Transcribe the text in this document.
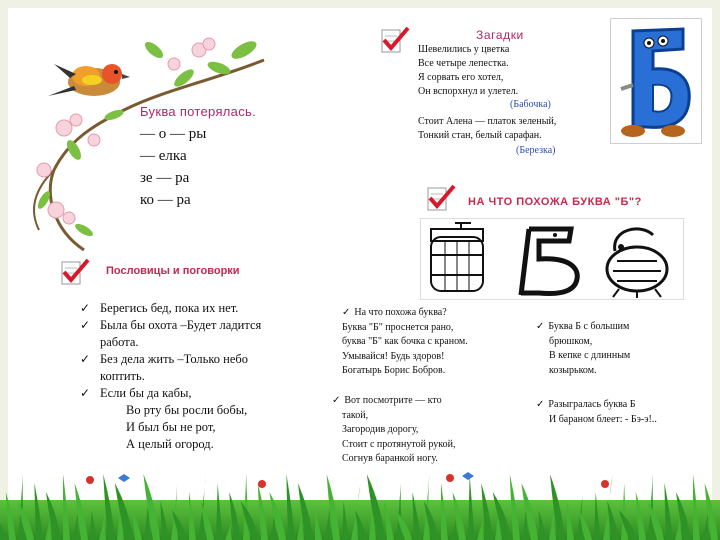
Буква потерялась.
— о — ры
— елка
зе — ра
ко — ра
Загадки
Шевелились у цветка
Все четыре лепестка.
Я сорвать его хотел,
Он вспорхнул и улетел.
(Бабочка)
Стоит Алена — платок зеленый,
Тонкий стан, белый сарафан.
(Березка)
НА ЧТО ПОХОЖА БУКВА "Б"?
Пословицы и поговорки
✓ Берегись бед, пока их нет.
✓ Была бы охота –Будет ладится
работа.
✓ Без дела жить –Только небо
коптить.
✓ Если бы да кабы,
Во рту бы росли бобы,
И был бы не рот,
А целый огород.
✓ На что похожа буква?
Буква "Б" проснется рано,
буква "Б" как бочка с краном.
Умывайся! Будь здоров!
Богатырь Борис Бобров.
✓ Вот посмотрите — кто
такой,
Загородив дорогу,
Стоит с протянутой рукой,
Согнув баранкой ногу.
✓ Буква Б с большим
брюшком,
В кепке с длинным
козырьком.
✓ Разыгралась буква Б
И бараном блеет: - Бэ-э!..
